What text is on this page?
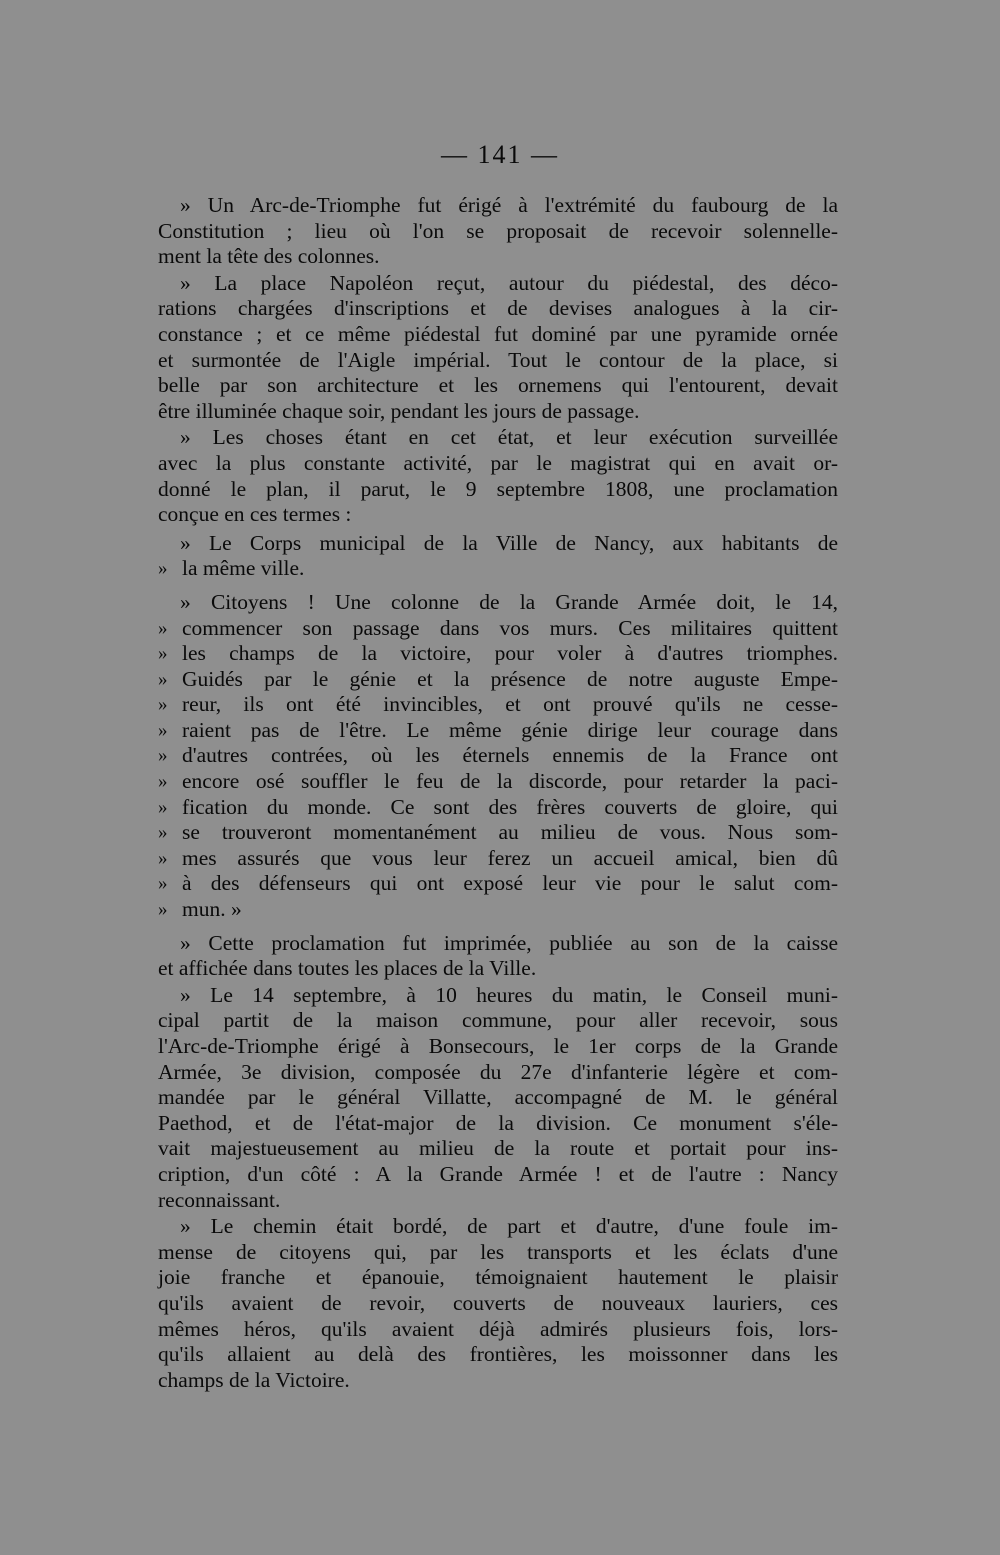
— 141 —
» Un Arc-de-Triomphe fut érigé à l'extrémité du faubourg de la
Constitution ; lieu où l'on se proposait de recevoir solennelle-
ment la tête des colonnes.
» La place Napoléon reçut, autour du piédestal, des déco-
rations chargées d'inscriptions et de devises analogues à la cir-
constance ; et ce même piédestal fut dominé par une pyramide ornée
et surmontée de l'Aigle impérial. Tout le contour de la place, si
belle par son architecture et les ornemens qui l'entourent, devait
être illuminée chaque soir, pendant les jours de passage.
» Les choses étant en cet état, et leur exécution surveillée
avec la plus constante activité, par le magistrat qui en avait or-
donné le plan, il parut, le 9 septembre 1808, une proclamation
conçue en ces termes :
» Le Corps municipal de la Ville de Nancy, aux habitants de
» la même ville.
» Citoyens ! Une colonne de la Grande Armée doit, le 14,
» commencer son passage dans vos murs. Ces militaires quittent
» les champs de la victoire, pour voler à d'autres triomphes.
» Guidés par le génie et la présence de notre auguste Empe-
» reur, ils ont été invincibles, et ont prouvé qu'ils ne cesse-
» raient pas de l'être. Le même génie dirige leur courage dans
» d'autres contrées, où les éternels ennemis de la France ont
» encore osé souffler le feu de la discorde, pour retarder la paci-
» fication du monde. Ce sont des frères couverts de gloire, qui
» se trouveront momentanément au milieu de vous. Nous som-
» mes assurés que vous leur ferez un accueil amical, bien dû
» à des défenseurs qui ont exposé leur vie pour le salut com-
» mun. »
» Cette proclamation fut imprimée, publiée au son de la caisse
et affichée dans toutes les places de la Ville.
» Le 14 septembre, à 10 heures du matin, le Conseil muni-
cipal partit de la maison commune, pour aller recevoir, sous
l'Arc-de-Triomphe érigé à Bonsecours, le 1er corps de la Grande
Armée, 3e division, composée du 27e d'infanterie légère et com-
mandée par le général Villatte, accompagné de M. le général
Paethod, et de l'état-major de la division. Ce monument s'éle-
vait majestueusement au milieu de la route et portait pour ins-
cription, d'un côté : A la Grande Armée ! et de l'autre : Nancy
reconnaissant.
» Le chemin était bordé, de part et d'autre, d'une foule im-
mense de citoyens qui, par les transports et les éclats d'une
joie franche et épanouie, témoignaient hautement le plaisir
qu'ils avaient de revoir, couverts de nouveaux lauriers, ces
mêmes héros, qu'ils avaient déjà admirés plusieurs fois, lors-
qu'ils allaient au delà des frontières, les moissonner dans les
champs de la Victoire.
